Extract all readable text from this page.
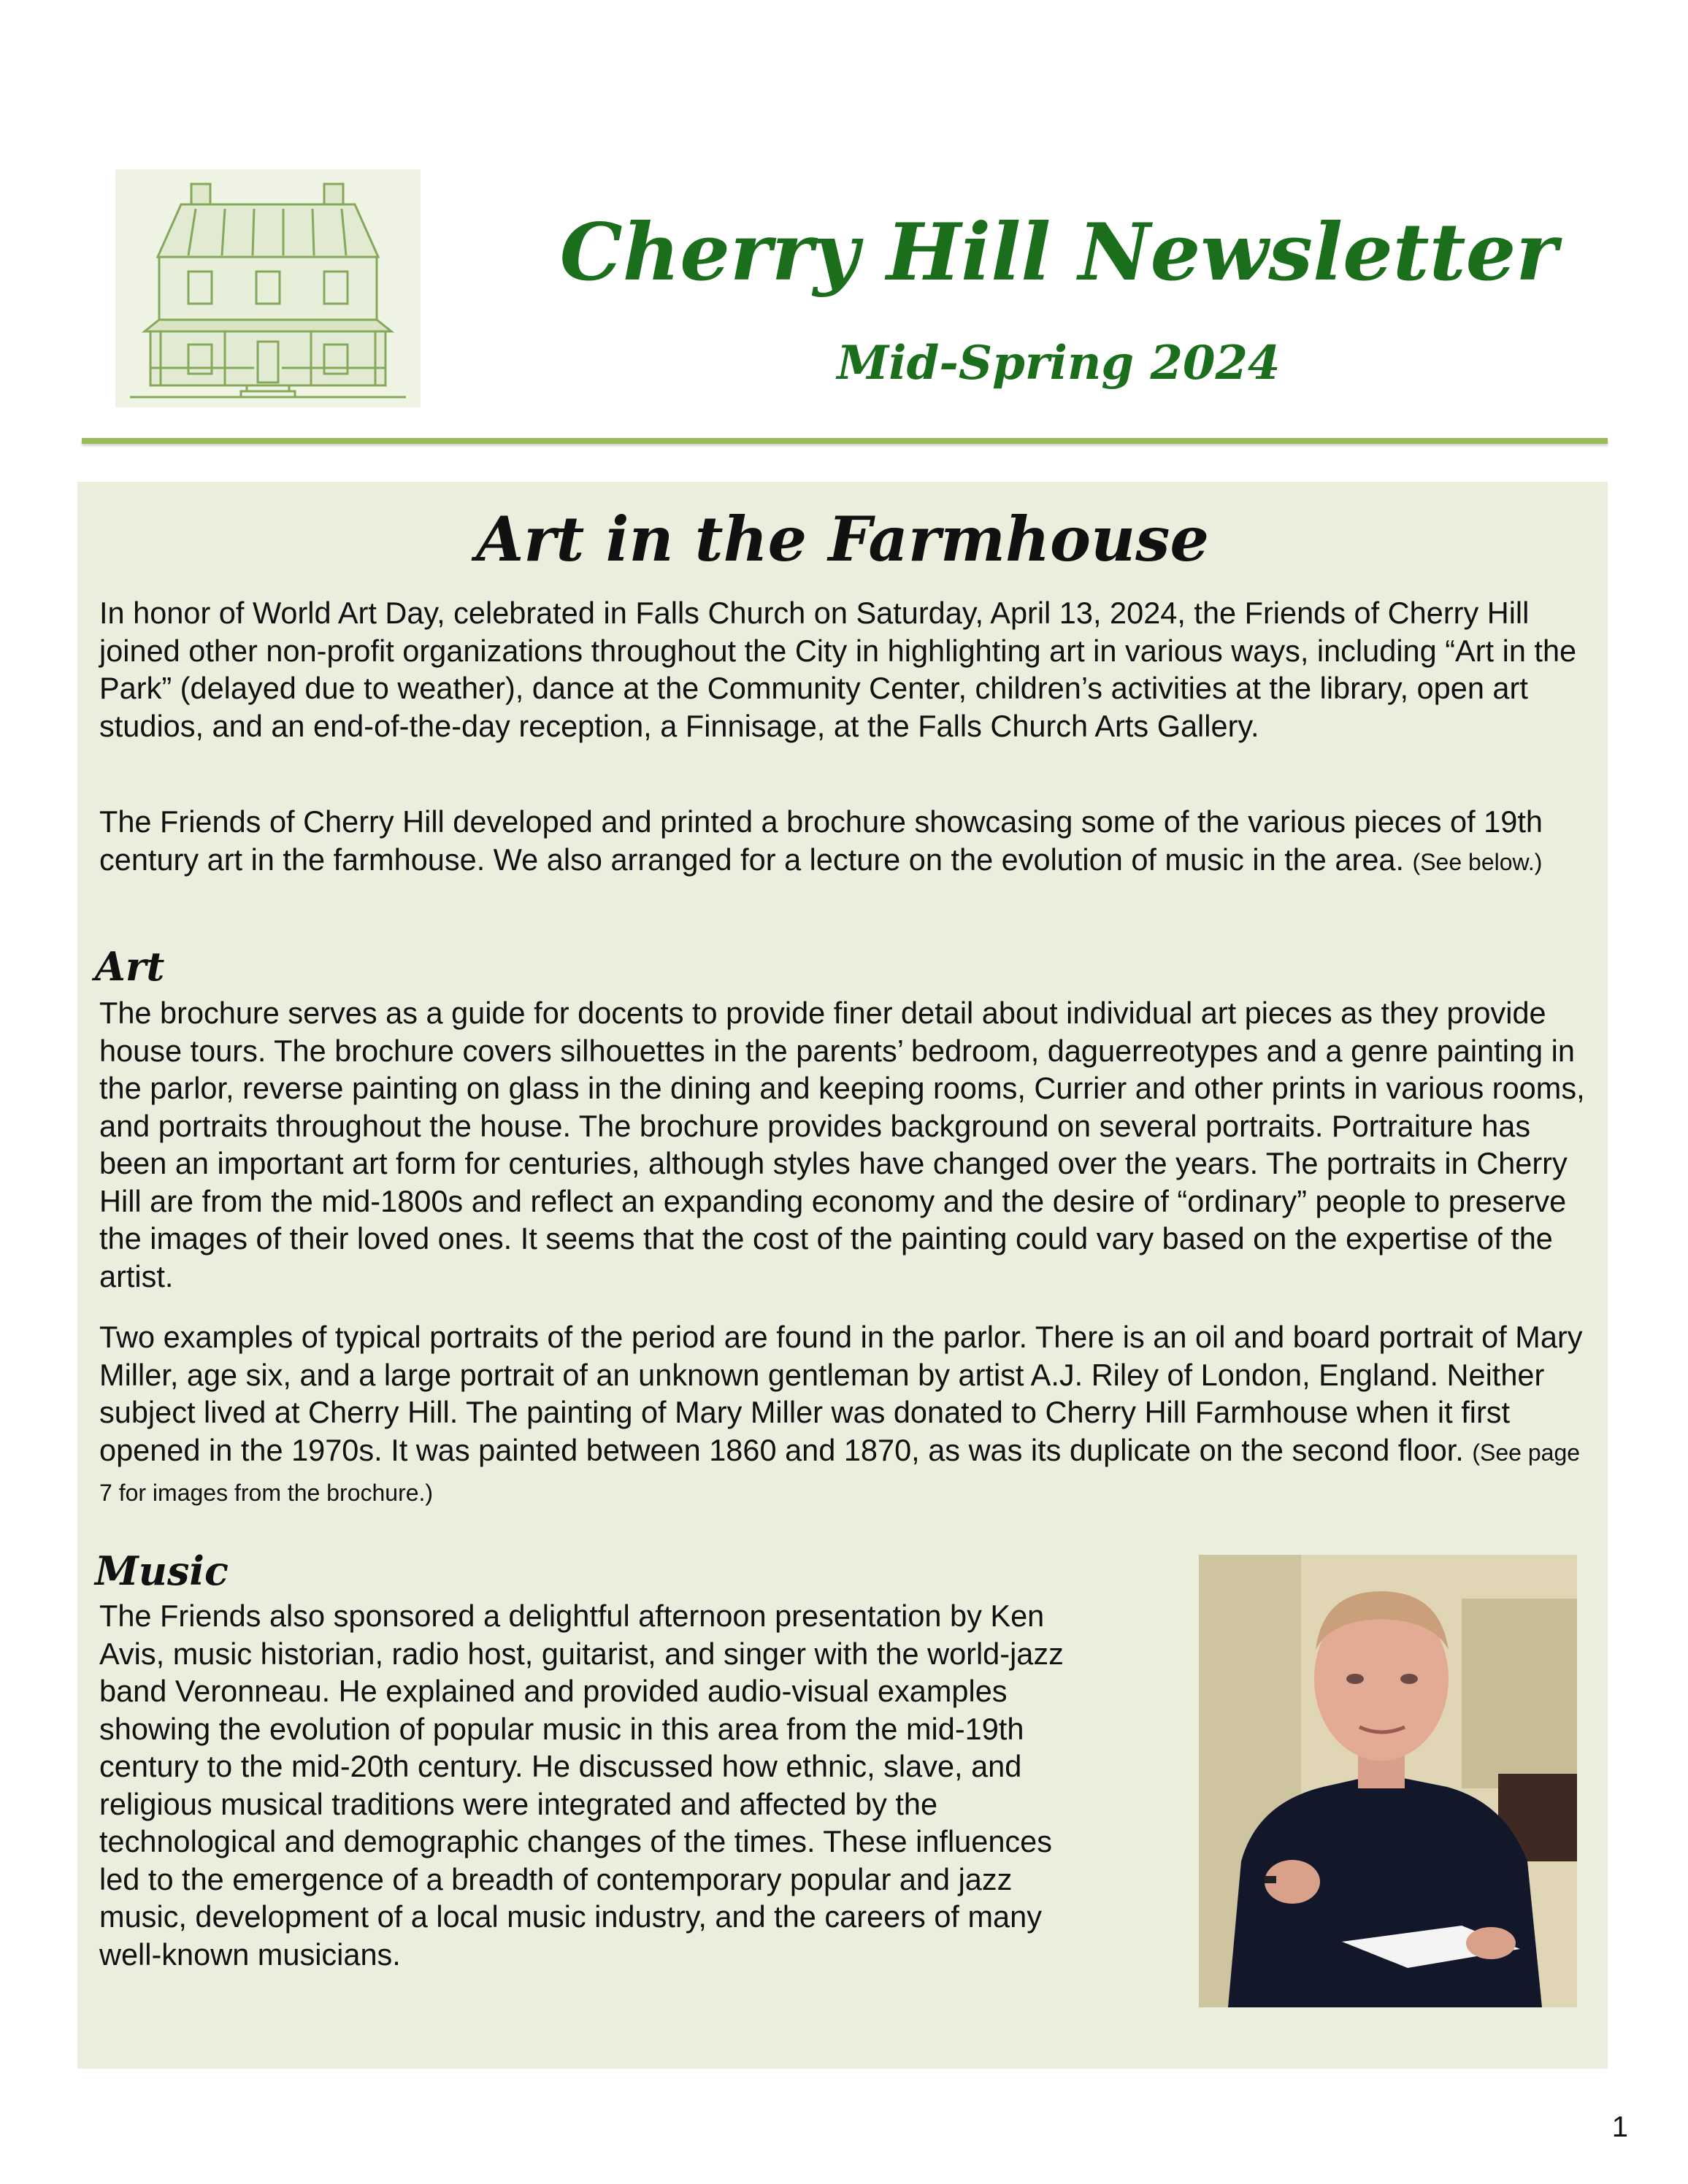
Cherry Hill Newsletter
Mid-Spring 2024
Art in the Farmhouse

In honor of World Art Day, celebrated in Falls Church on Saturday, April 13, 2024, the Friends of Cherry Hill joined other non-profit organizations throughout the City in highlighting art in various ways, including “Art in the Park” (delayed due to weather), dance at the Community Center, children’s activities at the library, open art studios, and an end-of-the-day reception, a Finnisage, at the Falls Church Arts Gallery.

The Friends of Cherry Hill developed and printed a brochure showcasing some of the various pieces of 19th century art in the farmhouse. We also arranged for a lecture on the evolution of music in the area. (See below.)

Art

The brochure serves as a guide for docents to provide finer detail about individual art pieces as they provide house tours. The brochure covers silhouettes in the parents’ bedroom, daguerreotypes and a genre painting in the parlor, reverse painting on glass in the dining and keeping rooms, Currier and other prints in various rooms, and portraits throughout the house. The brochure provides background on several portraits. Portraiture has been an important art form for centuries, although styles have changed over the years. The portraits in Cherry Hill are from the mid-1800s and reflect an expanding economy and the desire of “ordinary” people to preserve the images of their loved ones. It seems that the cost of the painting could vary based on the expertise of the artist.

Two examples of typical portraits of the period are found in the parlor. There is an oil and board portrait of Mary Miller, age six, and a large portrait of an unknown gentleman by artist A.J. Riley of London, England. Neither subject lived at Cherry Hill. The painting of Mary Miller was donated to Cherry Hill Farmhouse when it first opened in the 1970s. It was painted between 1860 and 1870, as was its duplicate on the second floor. (See page 7 for images from the brochure.)

Music
The Friends also sponsored a delightful afternoon presentation by Ken
Avis, music historian, radio host, guitarist, and singer with the world-jazz
band Veronneau. He explained and provided audio-visual examples
showing the evolution of popular music in this area from the mid-19th
century to the mid-20th century. He discussed how ethnic, slave, and
religious musical traditions were integrated and affected by the
technological and demographic changes of the times. These influences
led to the emergence of a breadth of contemporary popular and jazz
music, development of a local music industry, and the careers of many
well-known musicians.
1
